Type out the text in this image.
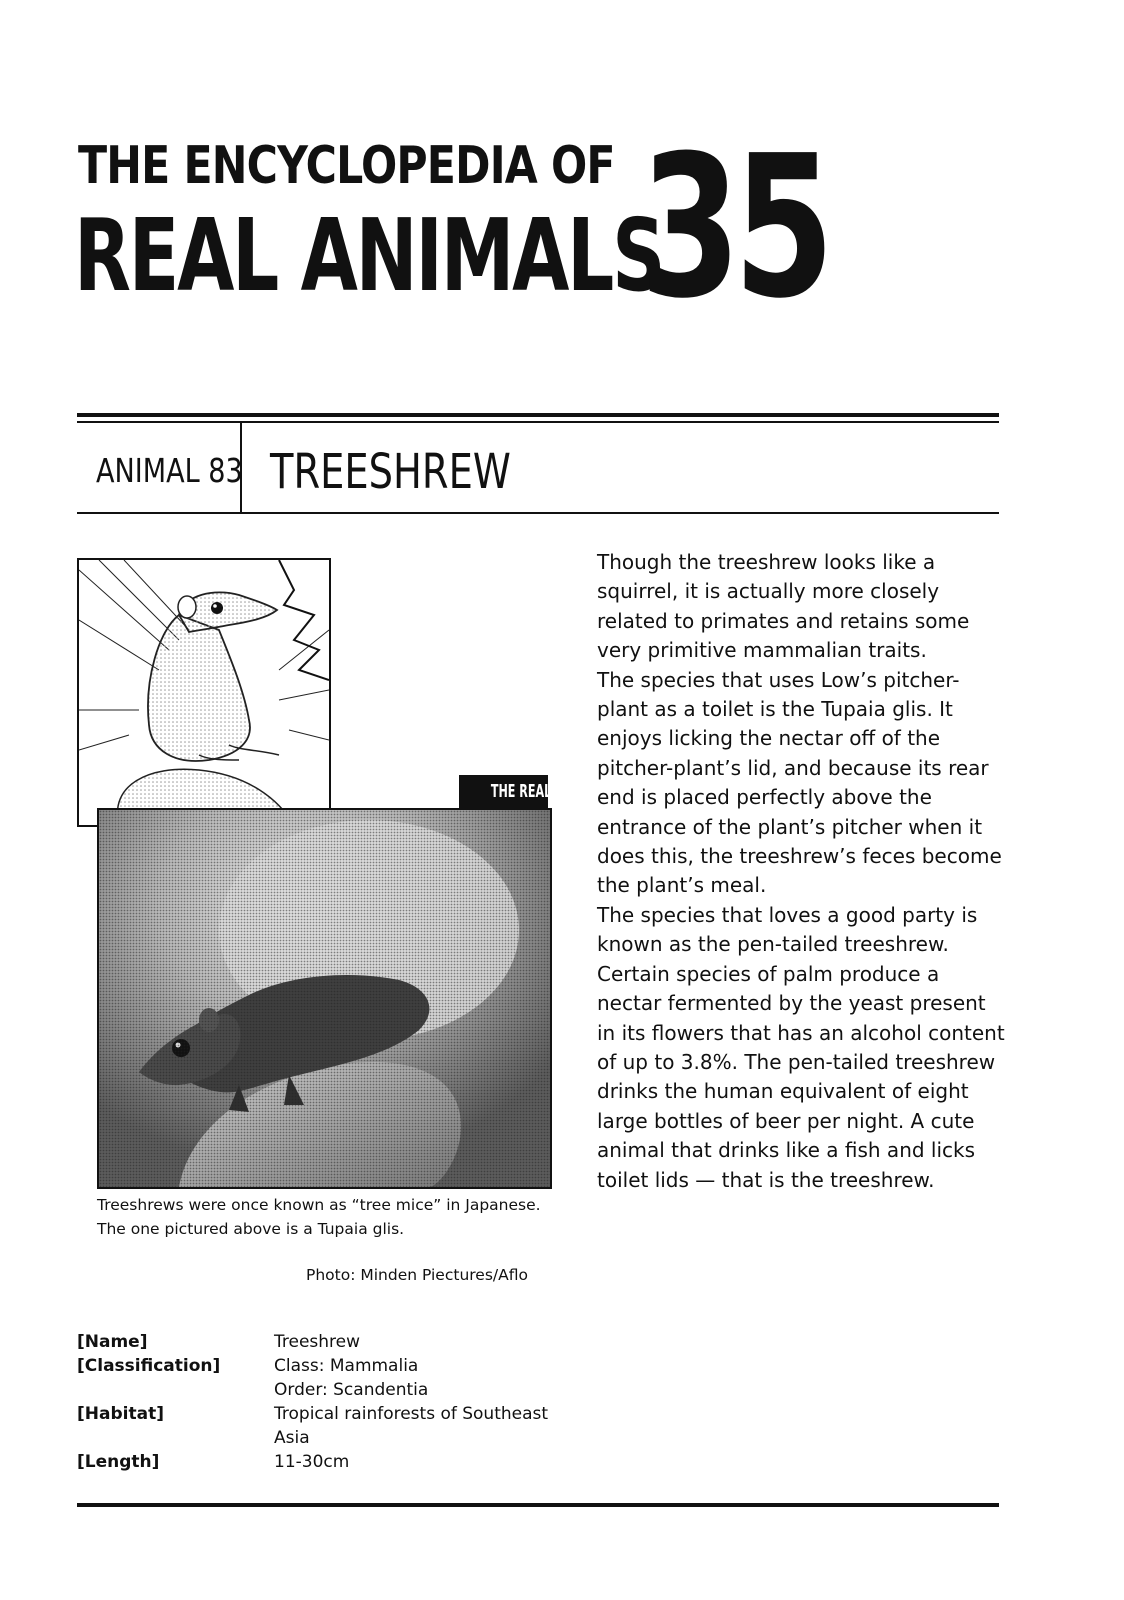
THE ENCYCLOPEDIA OF
REAL ANIMALS
35
ANIMAL 83 TREESHREW
THE REAL THING
Treeshrews were once known as “tree mice” in Japanese. The one pictured above is a Tupaia glis.
Photo: Minden Piectures/Aflo

Though the treeshrew looks like a squirrel, it is actually more closely related to primates and retains some very primitive mammalian traits.

The species that uses Low’s pitcher-plant as a toilet is the Tupaia glis. It enjoys licking the nectar off of the pitcher-plant’s lid, and because its rear end is placed perfectly above the entrance of the plant’s pitcher when it does this, the treeshrew’s feces become the plant’s meal.

The species that loves a good party is known as the pen-tailed treeshrew. Certain species of palm produce a nectar fermented by the yeast present in its flowers that has an alcohol content of up to 3.8%. The pen-tailed treeshrew drinks the human equivalent of eight large bottles of beer per night. A cute animal that drinks like a fish and licks toilet lids — that is the treeshrew.

[Name]	Treeshrew
[Classification]	Class: Mammalia
Order: Scandentia
[Habitat]	Tropical rainforests of Southeast Asia
[Length]	11-30cm
